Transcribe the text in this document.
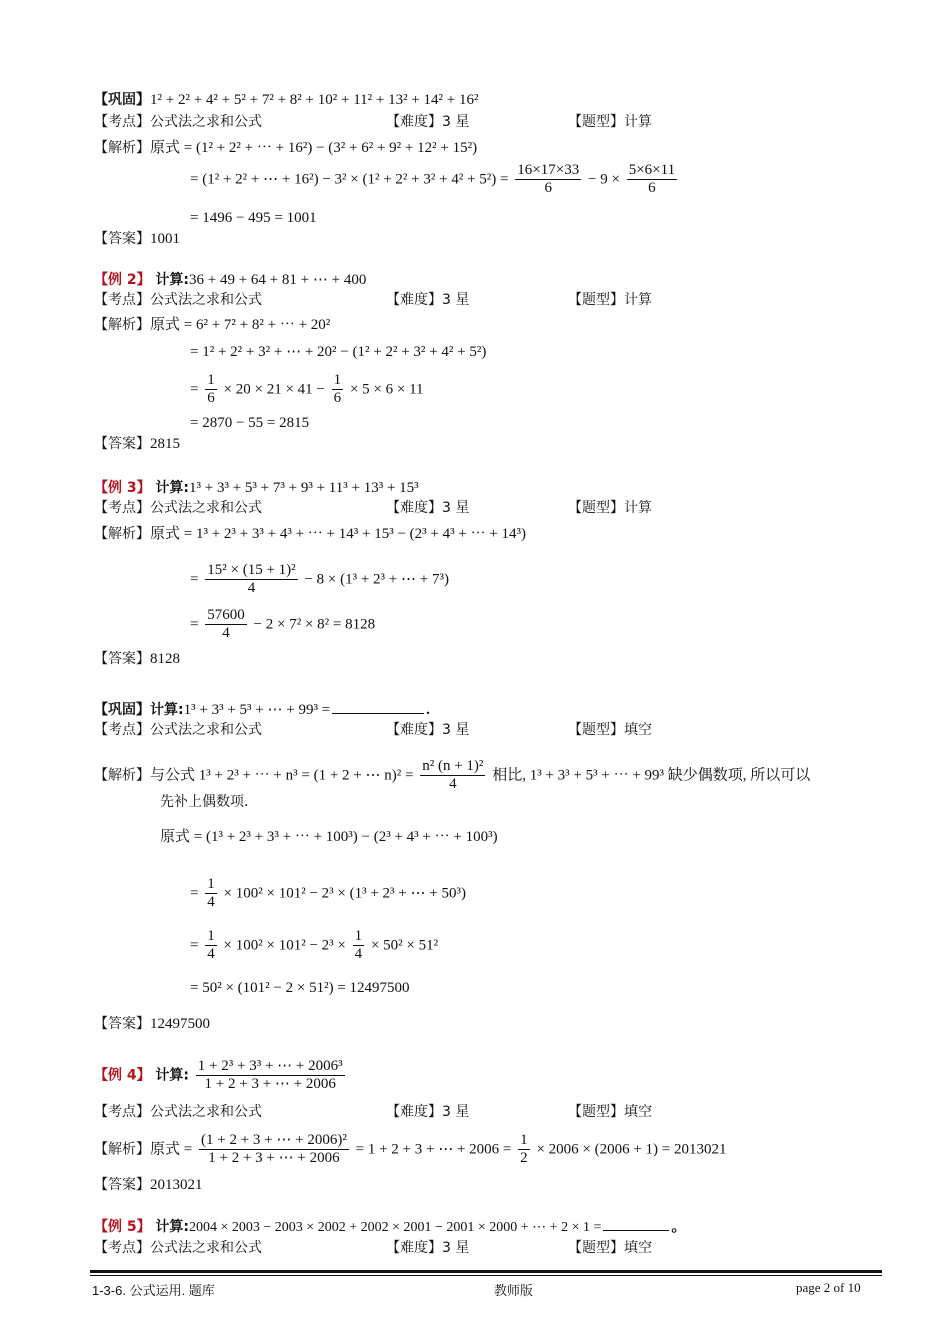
【巩固】1² + 2² + 4² + 5² + 7² + 8² + 10² + 11² + 13² + 14² + 16²
【考点】公式法之求和公式	【难度】3 星	【题型】计算
【解析】原式 = (1² + 2² + ⋯ + 16²) − (3² + 6² + 9² + 12² + 15²)
= (1² + 2² + ⋯ + $16^2) - 3^2 \times (1^2 + 2^2 + 3^2 + 4^2 + 5^2) = \frac{16\times 17\times 33}{6} - 9 \times \frac{5\times 6\times 11}{6}$
= 1496 − 495 = 1001
【答案】1001
【例 2】 计算:36 + 49 + 64 + 81 + ⋯ + 400
【考点】公式法之求和公式	【难度】3 星	【题型】计算
【解析】原式 = 6² + 7² + 8² + ⋯ + 20²
= 1² + 2² + 3² + ⋯ + 20² − (1² + 2² + 3² + 4² + 5²)
= $\frac{1}{6} \times 20 \times 21 \times 41 - \frac{1}{6} \times 5 \times 6 \times 11$
= 2870 − 55 = 2815
【答案】2815
【例 3】 计算:1³ + 3³ + 5³ + 7³ + 9³ + 11³ + 13³ + 15³
【考点】公式法之求和公式	【难度】3 星	【题型】计算
【解析】原式 = 1³ + 2³ + 3³ + 4³ + ⋯ + 14³ + 15³ − (2³ + 4³ + ⋯ + 14³)
= $\frac{\text{15² × (15 + 1)²}}{4} - 8 \times (1^3 + 2^3$ + ⋯ + 7³)
= $\frac{57600}{4} - 2 \times 7^2 \times 8^2 = 8128$
【答案】8128
【巩固】计算:1³ + 3³ + 5³ + ⋯ + 99³ =	.
【考点】公式法之求和公式	【难度】3 星	【题型】填空
【解析】与公式 1³ + 2³ + ⋯ + n³ = (1 + 2 + ⋯ $n)^2 = \frac{\text{n² (n + 1)²}}{4}$ 相比, 1³ + 3³ + 5³ + ⋯ + 99³ 缺少偶数项, 所以可以
先补上偶数项.
原式 = (1³ + 2³ + 3³ + ⋯ + 100³) − (2³ + 4³ + ⋯ + 100³)
= $\frac{1}{4} \times 100^2 \times 101^2 - 2^3 \times (1^3 + 2^3$ + ⋯ + 50³)
= $\frac{1}{4} \times 100^2 \times 101^2 - 2^3 \times \frac{1}{4} \times 50^2 \times 51^2$
= 50² × (101² − 2 × 51²) = 12497500
【答案】12497500
【例 4】 计算: $\frac{\text{1 + 2³ + 3³ + ⋯ + 2006³}}{1 + 2 + 3 + \cdots + 2006}$
【考点】公式法之求和公式	【难度】3 星	【题型】填空
【解析】原式 = $\frac{\text{(1 + 2 + 3 + ⋯ + 2006)²}}{1 + 2 + 3 + \cdots + 2006} = 1 + 2 + 3$ + ⋯ + $2006 = \frac{1}{2} \times 2006 \times (2006 + 1) = 2013021$
【答案】2013021
【例 5】 计算:2004 × 2003 − 2003 × 2002 + 2002 × 2001 − 2001 × 2000 + ⋯ + 2 × 1 =	。
【考点】公式法之求和公式	【难度】3 星	【题型】填空
1-3-6. 公式运用. 题库	教师版	page 2 of 10
